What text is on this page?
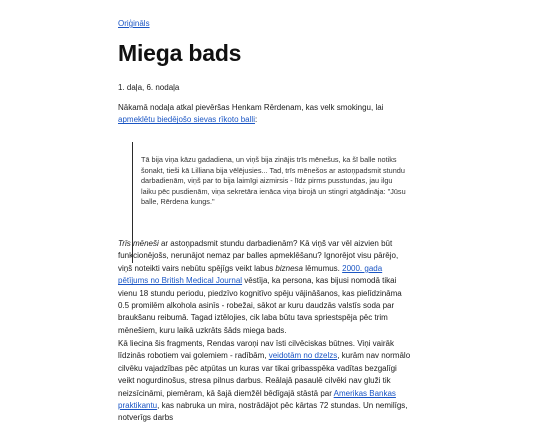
Oriģināls
Miega bads
1. daļa, 6. nodaļa

Nākamā nodaļa atkal pievēršas Henkam Rērdenam, kas velk smokingu, lai apmeklētu biedējošo sievas rīkoto balli:

Tā bija viņa kāzu gadadiena, un viņš bija zinājis trīs mēnešus, ka šī balle notiks šonakt, tieši kā Lilliana bija vēlējusies... Tad, trīs mēnešos ar astoņpadsmit stundu darbadienām, viņš par to bija laimīgi aizmirsis - līdz pirms pusstundas, jau ilgu laiku pēc pusdienām, viņa sekretāra ienāca viņa birojā un stingri atgādināja: "Jūsu balle, Rērdena kungs."

Trīs mēneši ar astoņpadsmit stundu darbadienām? Kā viņš var vēl aizvien būt funkcionējošs, nerunājot nemaz par balles apmeklēšanu? Ignorējot visu pārējo, viņš noteikti vairs nebūtu spējīgs veikt labus biznesa lēmumus. 2000. gada pētījums no British Medical Journal vēstīja, ka persona, kas bijusi nomodā tikai vienu 18 stundu periodu, piedzīvo kognitīvo spēju vājināšanos, kas pielīdzināma 0.5 promilēm alkohola asinīs - robežai, sākot ar kuru daudzās valstīs soda par braukšanu reibumā. Tagad iztēlojies, cik laba būtu tava spriestspēja pēc trim mēnešiem, kuru laikā uzkrāts šāds miega bads.

Kā liecina šis fragments, Rendas varoņi nav īsti cilvēciskas būtnes. Viņi vairāk līdzinās robotiem vai golemiem - radībām, veidotām no dzelzs, kurām nav normālo cilvēku vajadzības pēc atpūtas un kuras var tikai gribasspēka vadītas bezgalīgi veikt nogurdinošus, stresa pilnus darbus. Reālajā pasaulē cilvēki nav gluži tik neizsīcināmi, piemēram, kā šajā diemžēl bēdīgajā stāstā par Amerikas Bankas praktikantu, kas nabruka un mira, nostrādājot pēc kārtas 72 stundas. Un nemilīgs, notverīgs darbs
